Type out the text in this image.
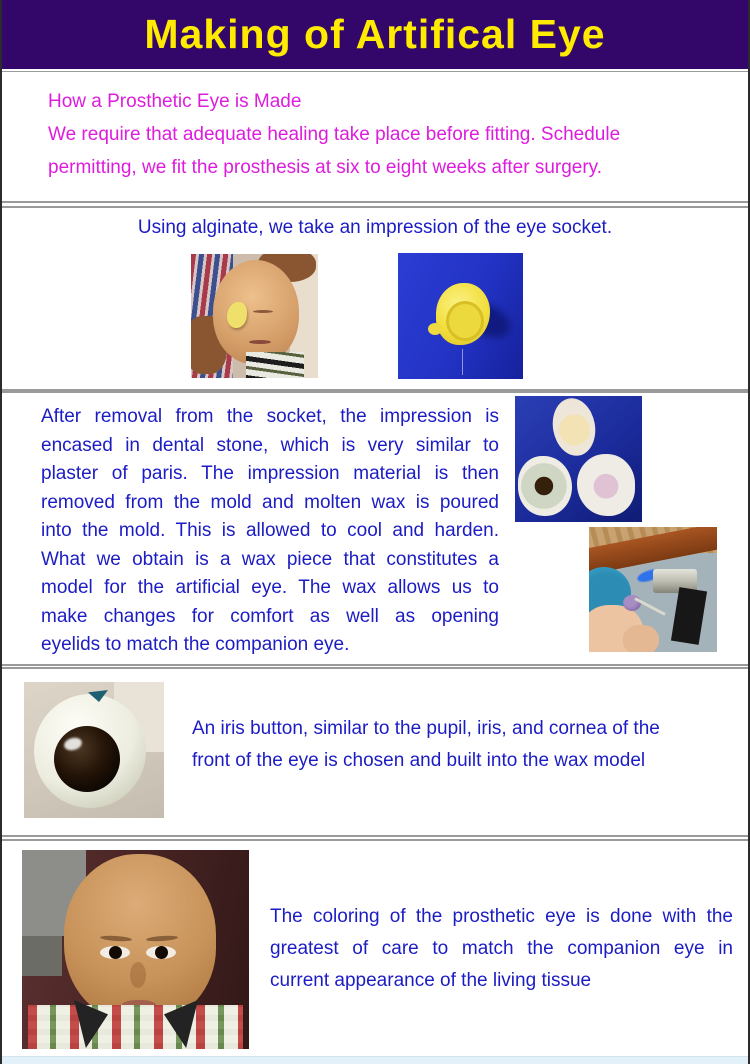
Making of Artifical Eye
How a Prosthetic Eye is Made
We require that adequate healing take place before fitting. Schedule
permitting, we fit the prosthesis at six to eight weeks after surgery.
Using alginate, we take an impression of the eye socket.
After removal from the socket, the impression is
encased in dental stone, which is very similar to
plaster of paris. The impression material is then
removed from the mold and molten wax is poured
into the mold. This is allowed to cool and harden.
What we obtain is a wax piece that constitutes a
model for the artificial eye. The wax allows us to
make changes for comfort as well as opening
eyelids to match the companion eye.
An iris button, similar to the pupil, iris, and cornea of the
front of the eye is chosen and built into the wax model
The coloring of the prosthetic eye is done with the
greatest of care to match the companion eye in
current appearance of the living tissue
